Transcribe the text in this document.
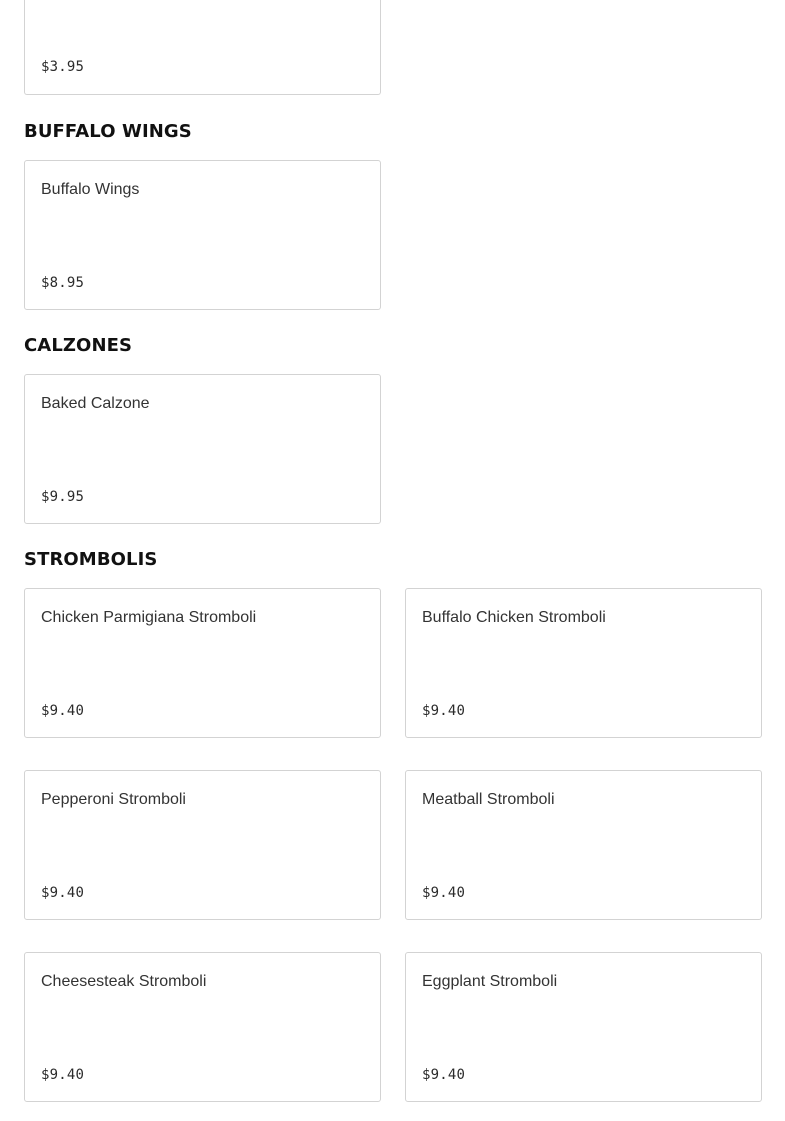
$3.95
BUFFALO WINGS
Buffalo Wings
$8.95
CALZONES
Baked Calzone
$9.95
STROMBOLIS
Chicken Parmigiana Stromboli
$9.40
Buffalo Chicken Stromboli
$9.40
Pepperoni Stromboli
$9.40
Meatball Stromboli
$9.40
Cheesesteak Stromboli
$9.40
Eggplant Stromboli
$9.40
